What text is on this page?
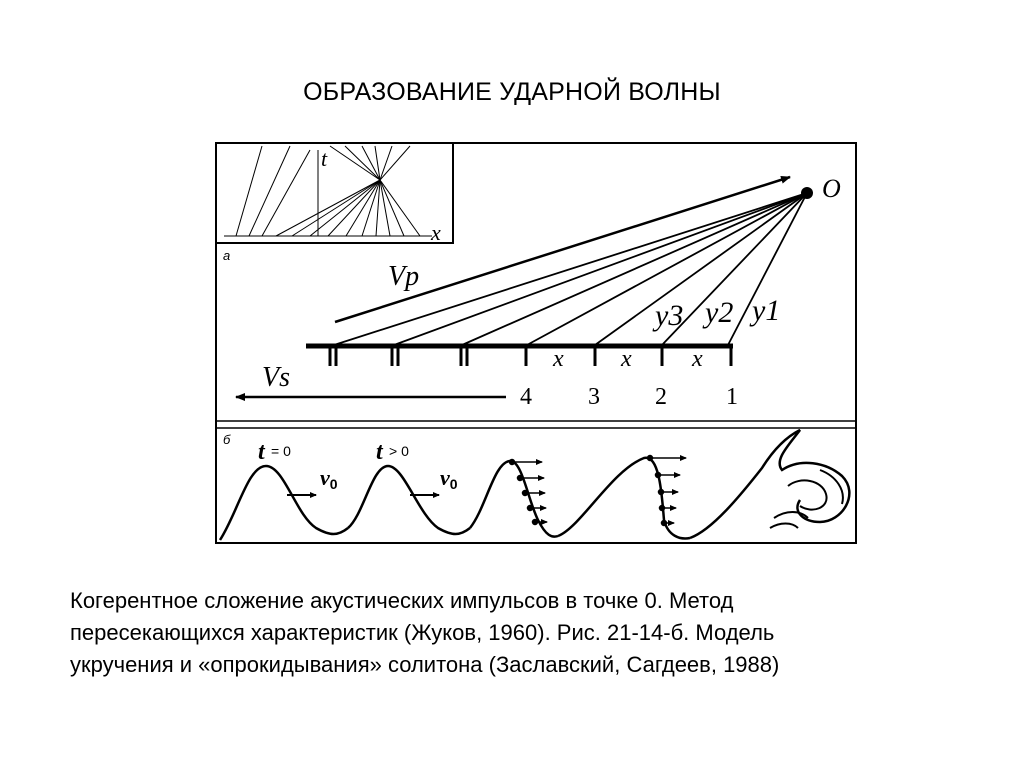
ОБРАЗОВАНИЕ УДАРНОЙ ВОЛНЫ
t
x
а
O
Vp
y3 y2 y1
x x	x
Vs
4 3 2 1
б t = 0	t > 0
v0	v0
Когерентное сложение акустических импульсов в точке 0. Метод
пересекающихся характеристик (Жуков, 1960). Рис. 21-14-б. Модель
укручения и «опрокидывания» солитона (Заславский, Сагдеев, 1988)
